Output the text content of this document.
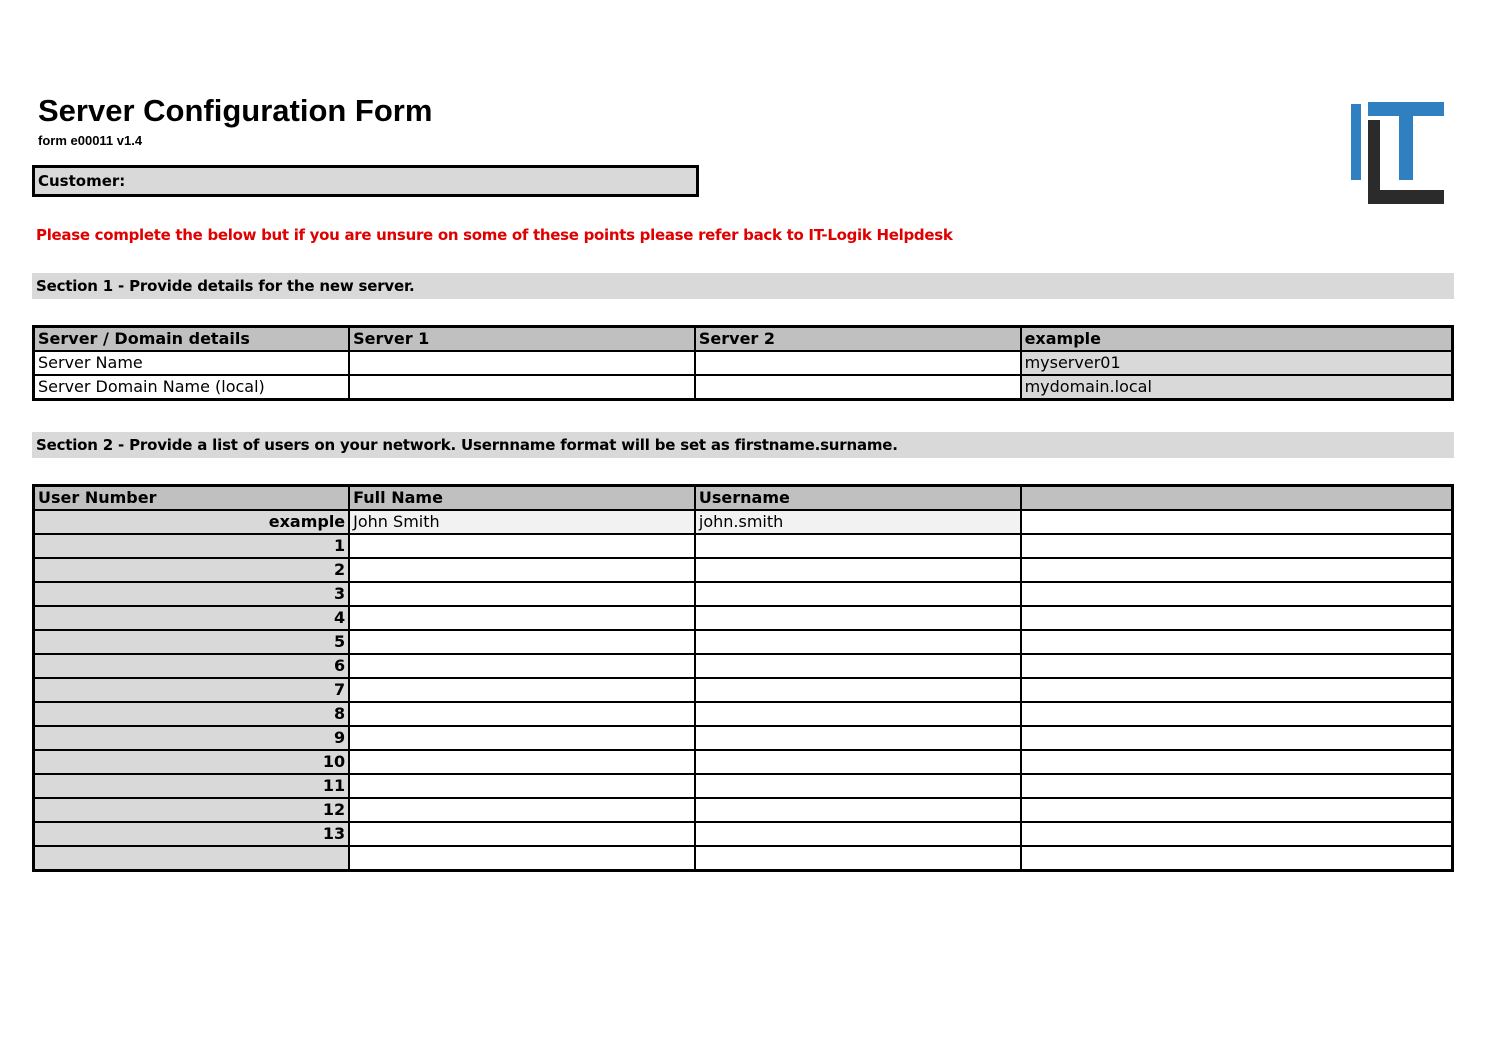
Server Configuration Form
form e00011 v1.4
Customer:
Please complete the below but if you are unsure on some of these points please refer back to IT-Logik Helpdesk
Section 1 - Provide details for the new server.
Server / Domain details	Server 1	Server 2	example
Server Name			myserver01
Server Domain Name (local)			mydomain.local
Section 2 - Provide a list of users on your network. Usernname format will be set as firstname.surname.
User Number	Full Name	Username	
example	John Smith	john.smith	
1			
2			
3			
4			
5			
6			
7			
8			
9			
10			
11			
12			
13			
